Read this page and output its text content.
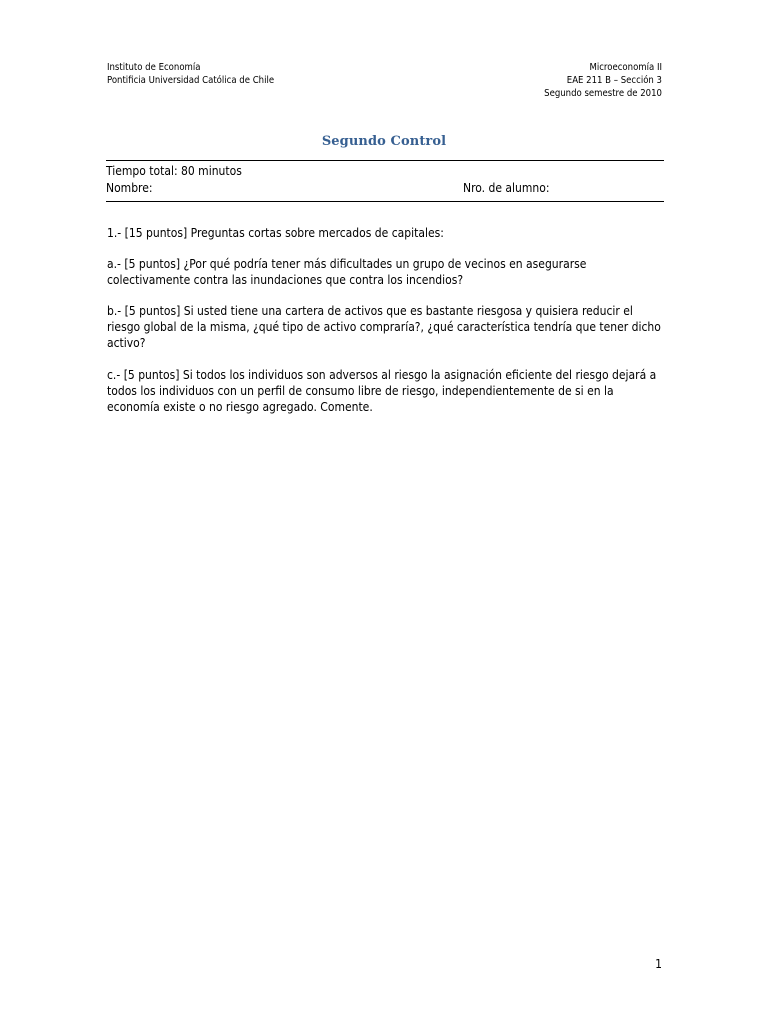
Instituto de Economía
Pontificia Universidad Católica de Chile
Microeconomía II
EAE 211 B – Sección 3
Segundo semestre de 2010
Segundo Control
Tiempo total: 80 minutos
Nombre:	Nro. de alumno:
1.- [15 puntos] Preguntas cortas sobre mercados de capitales:
a.- [5 puntos] ¿Por qué podría tener más dificultades un grupo de vecinos en asegurarse colectivamente contra las inundaciones que contra los incendios?
b.- [5 puntos] Si usted tiene una cartera de activos que es bastante riesgosa y quisiera reducir el riesgo global de la misma, ¿qué tipo de activo compraría?, ¿qué característica tendría que tener dicho activo?
c.- [5 puntos] Si todos los individuos son adversos al riesgo la asignación eficiente del riesgo dejará a todos los individuos con un perfil de consumo libre de riesgo, independientemente de si en la economía existe o no riesgo agregado. Comente.
1
